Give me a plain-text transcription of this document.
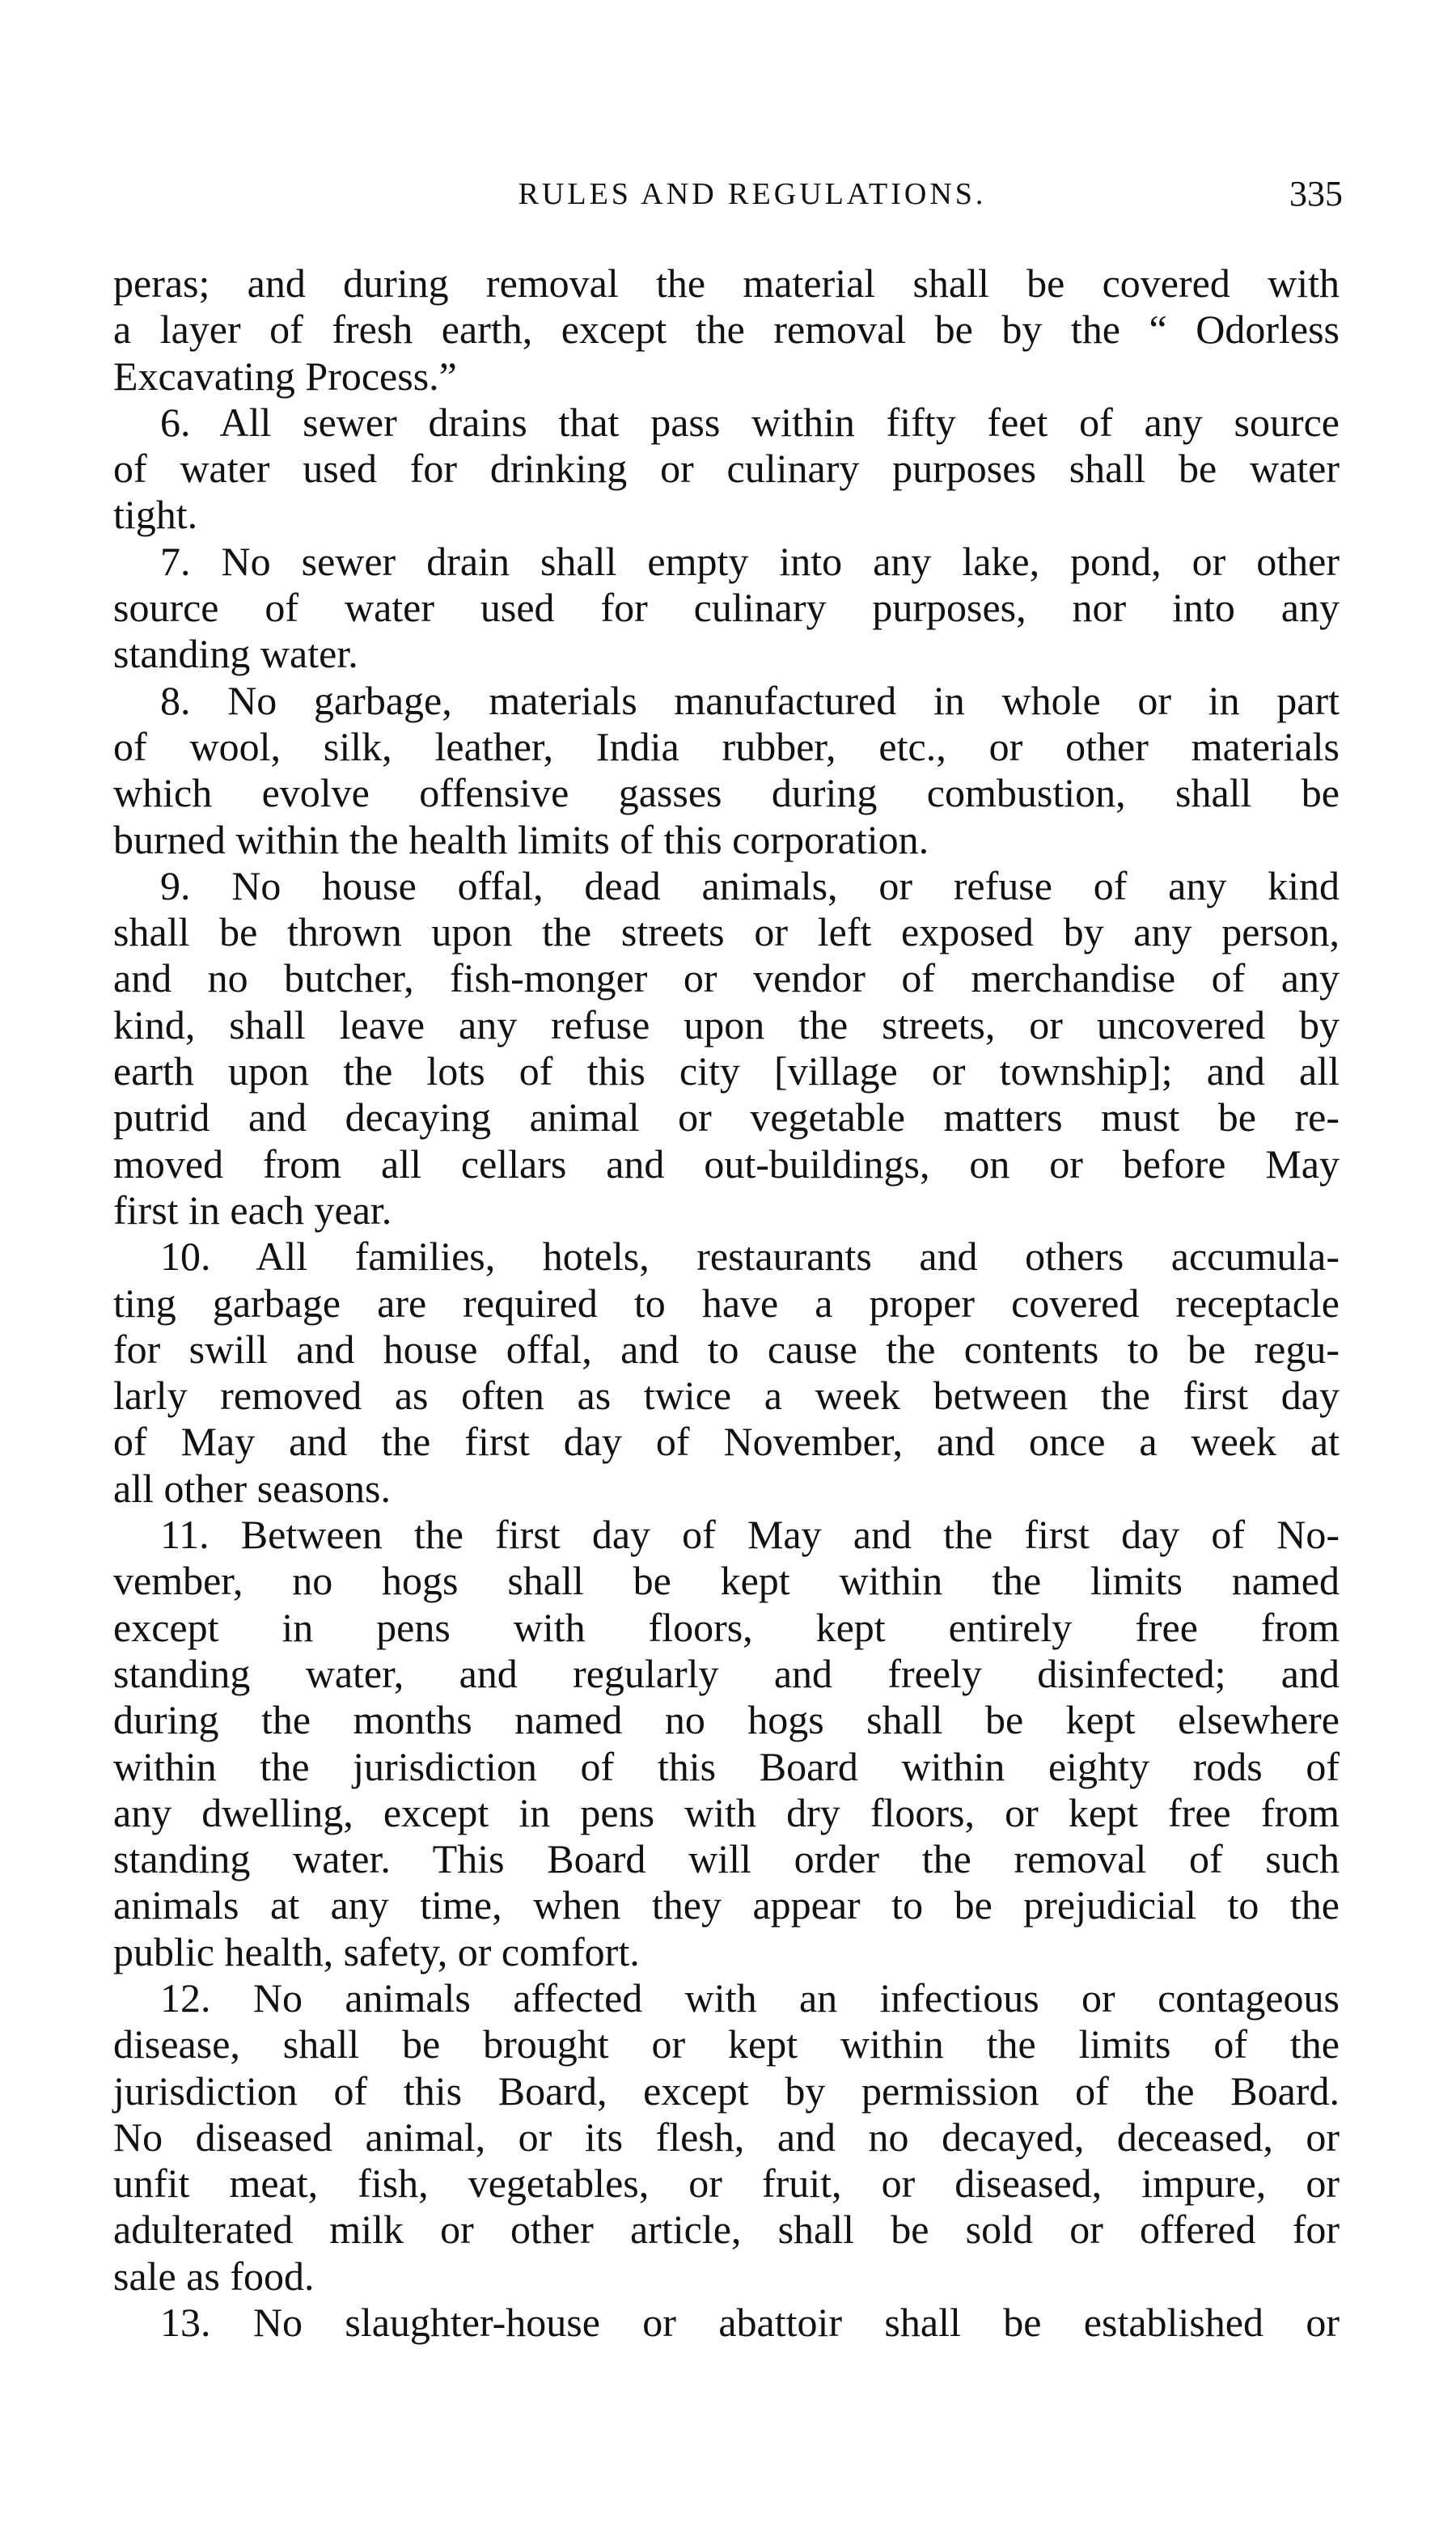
RULES AND REGULATIONS.	335
peras; and during removal the material shall be covered with
a layer of fresh earth, except the removal be by the “ Odorless
Excavating Process.”
6. All sewer drains that pass within fifty feet of any source
of water used for drinking or culinary purposes shall be water
tight.
7. No sewer drain shall empty into any lake, pond, or other
source of water used for culinary purposes, nor into any
standing water.
8. No garbage, materials manufactured in whole or in part
of wool, silk, leather, India rubber, etc., or other materials
which evolve offensive gasses during combustion, shall be
burned within the health limits of this corporation.
9. No house offal, dead animals, or refuse of any kind
shall be thrown upon the streets or left exposed by any person,
and no butcher, fish-monger or vendor of merchandise of any
kind, shall leave any refuse upon the streets, or uncovered by
earth upon the lots of this city [village or township]; and all
putrid and decaying animal or vegetable matters must be re-
moved from all cellars and out-buildings, on or before May
first in each year.
10. All families, hotels, restaurants and others accumula-
ting garbage are required to have a proper covered receptacle
for swill and house offal, and to cause the contents to be regu-
larly removed as often as twice a week between the first day
of May and the first day of November, and once a week at
all other seasons.
11. Between the first day of May and the first day of No-
vember, no hogs shall be kept within the limits named
except in pens with floors, kept entirely free from
standing water, and regularly and freely disinfected; and
during the months named no hogs shall be kept elsewhere
within the jurisdiction of this Board within eighty rods of
any dwelling, except in pens with dry floors, or kept free from
standing water. This Board will order the removal of such
animals at any time, when they appear to be prejudicial to the
public health, safety, or comfort.
12. No animals affected with an infectious or contageous
disease, shall be brought or kept within the limits of the
jurisdiction of this Board, except by permission of the Board.
No diseased animal, or its flesh, and no decayed, deceased, or
unfit meat, fish, vegetables, or fruit, or diseased, impure, or
adulterated milk or other article, shall be sold or offered for
sale as food.
13. No slaughter-house or abattoir shall be established or
